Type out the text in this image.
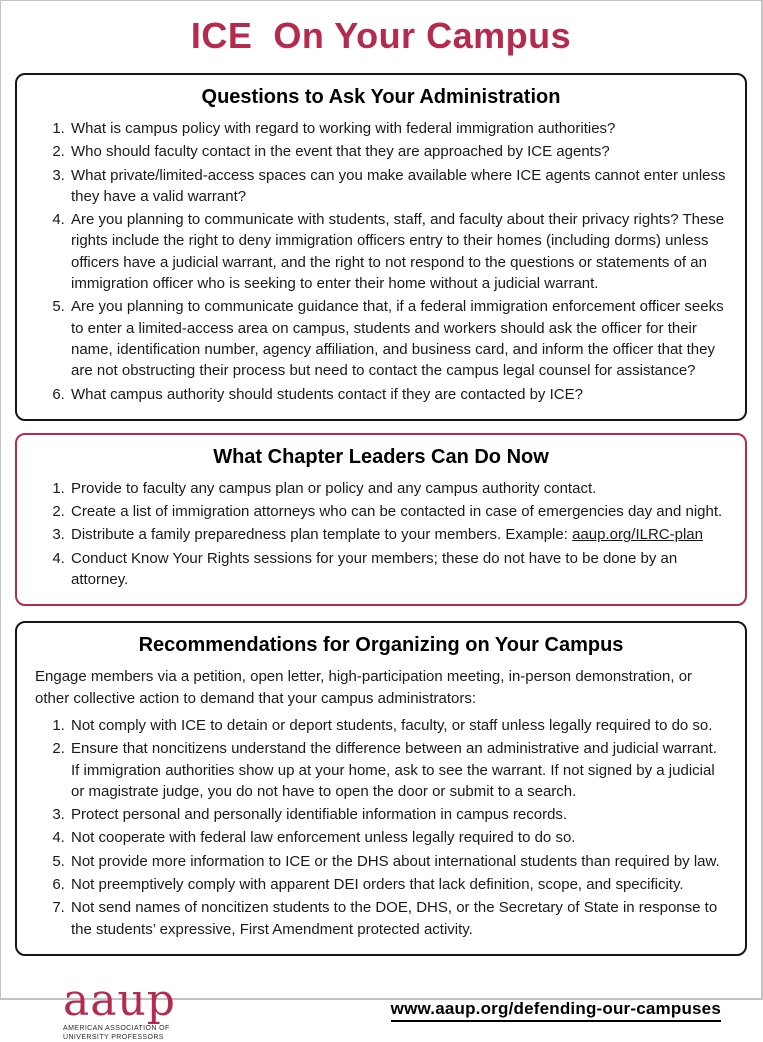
ICE  On Your Campus
Questions to Ask Your Administration
1. What is campus policy with regard to working with federal immigration authorities?
2. Who should faculty contact in the event that they are approached by ICE agents?
3. What private/limited-access spaces can you make available where ICE agents cannot enter unless they have a valid warrant?
4. Are you planning to communicate with students, staff, and faculty about their privacy rights? These rights include the right to deny immigration officers entry to their homes (including dorms) unless officers have a judicial warrant, and the right to not respond to the questions or statements of an immigration officer who is seeking to enter their home without a judicial warrant.
5. Are you planning to communicate guidance that, if a federal immigration enforcement officer seeks to enter a limited-access area on campus, students and workers should ask the officer for their name, identification number, agency affiliation, and business card, and inform the officer that they are not obstructing their process but need to contact the campus legal counsel for assistance?
6. What campus authority should students contact if they are contacted by ICE?
What Chapter Leaders Can Do Now
1. Provide to faculty any campus plan or policy and any campus authority contact.
2. Create a list of immigration attorneys who can be contacted in case of emergencies day and night.
3. Distribute a family preparedness plan template to your members. Example: aaup.org/ILRC-plan
4. Conduct Know Your Rights sessions for your members; these do not have to be done by an attorney.
Recommendations for Organizing on Your Campus

Engage members via a petition, open letter, high-participation meeting, in-person demonstration, or other collective action to demand that your campus administrators:

1. Not comply with ICE to detain or deport students, faculty, or staff unless legally required to do so.
2. Ensure that noncitizens understand the difference between an administrative and judicial warrant. If immigration authorities show up at your home, ask to see the warrant. If not signed by a judicial or magistrate judge, you do not have to open the door or submit to a search.
3. Protect personal and personally identifiable information in campus records.
4. Not cooperate with federal law enforcement unless legally required to do so.
5. Not provide more information to ICE or the DHS about international students than required by law.
6. Not preemptively comply with apparent DEI orders that lack definition, scope, and specificity.
7. Not send names of noncitizen students to the DOE, DHS, or the Secretary of State in response to the students’ expressive, First Amendment protected activity.
aaup
AMERICAN ASSOCIATION OF
UNIVERSITY PROFESSORS
www.aaup.org/defending-our-campuses
